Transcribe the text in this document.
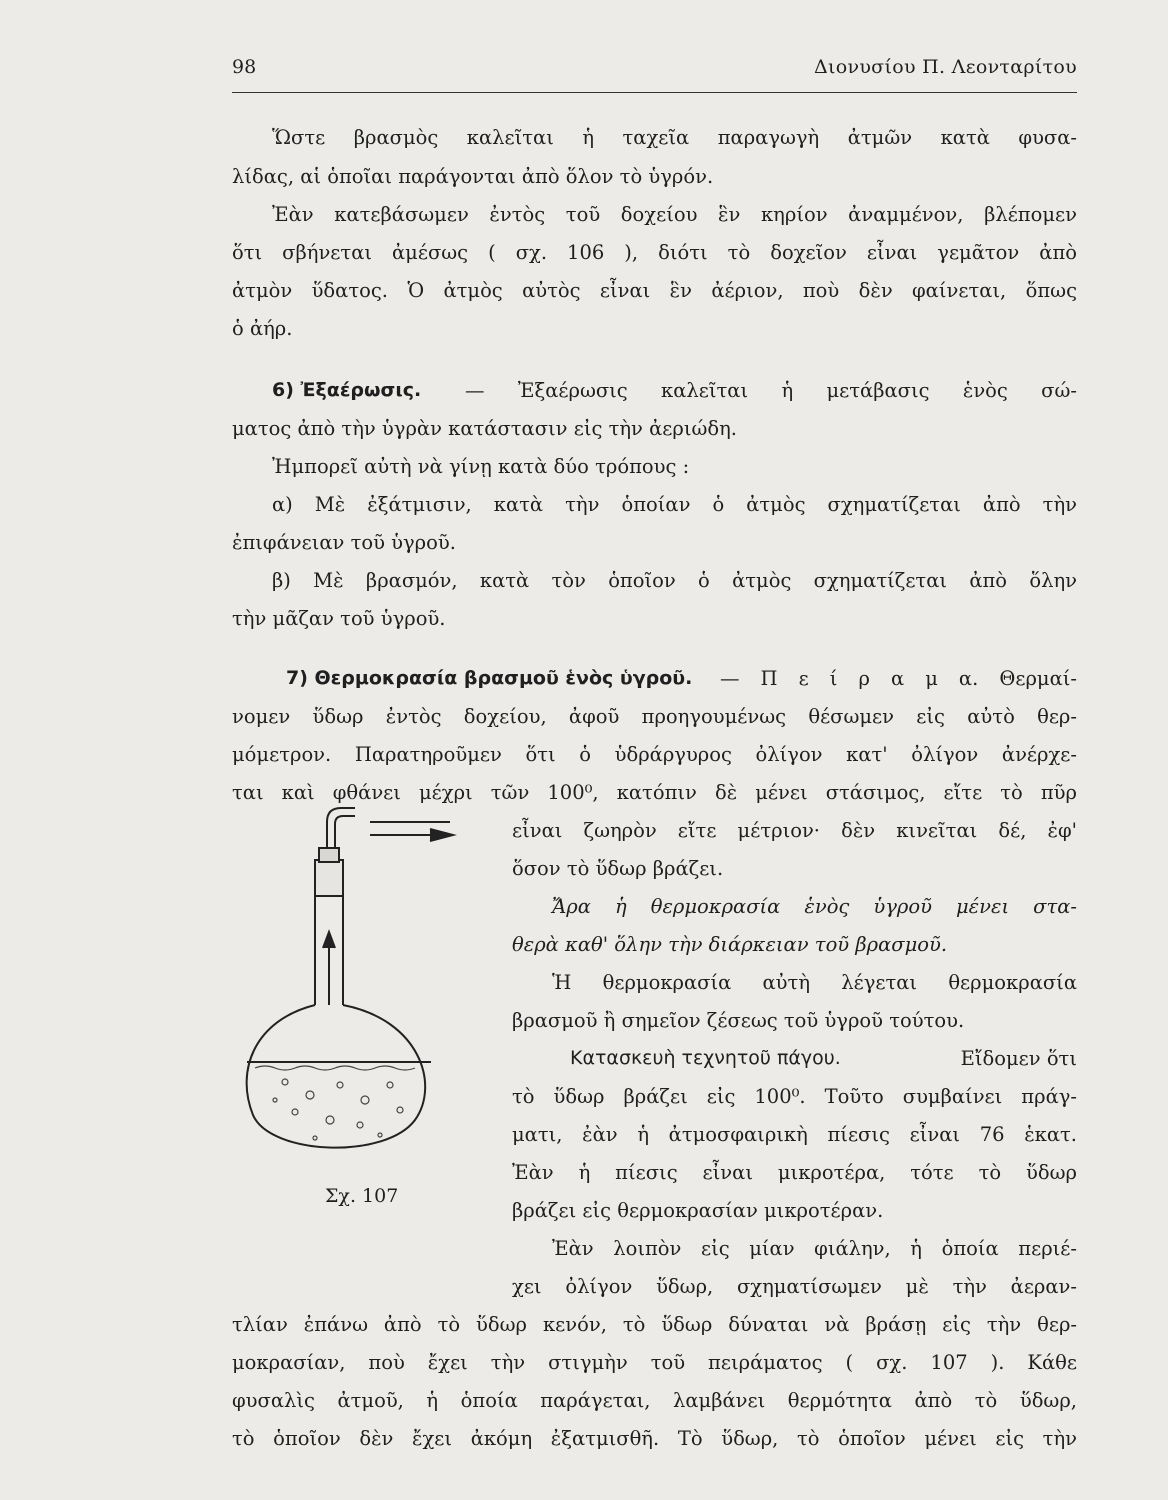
98	Διονυσίου Π. Λεονταρίτου
Ὥστε βρασμὸς καλεῖται ἡ ταχεῖα παραγωγὴ ἀτμῶν κατὰ φυσα-
λίδας, αἱ ὁποῖαι παράγονται ἀπὸ ὅλον τὸ ὑγρόν.
Ἐὰν κατεβάσωμεν ἐντὸς τοῦ δοχείου ἓν κηρίον ἀναμμένον, βλέπομεν
ὅτι σβήνεται ἀμέσως ( σχ. 106 ), διότι τὸ δοχεῖον εἶναι γεμᾶτον ἀπὸ
ἀτμὸν ὕδατος. Ὁ ἀτμὸς αὐτὸς εἶναι ἓν ἀέριον, ποὺ δὲν φαίνεται, ὅπως
ὁ ἀήρ.
6) Ἐξαέρωσις. — Ἐξαέρωσις καλεῖται ἡ μετάβασις ἑνὸς σώ-
ματος ἀπὸ τὴν ὑγρὰν κατάστασιν εἰς τὴν ἀεριώδη.
Ἠμπορεῖ αὐτὴ νὰ γίνῃ κατὰ δύο τρόπους :
α) Μὲ ἐξάτμισιν, κατὰ τὴν ὁποίαν ὁ ἀτμὸς σχηματίζεται ἀπὸ τὴν
ἐπιφάνειαν τοῦ ὑγροῦ.
β) Μὲ βρασμόν, κατὰ τὸν ὁποῖον ὁ ἀτμὸς σχηματίζεται ἀπὸ ὅλην
τὴν μᾶζαν τοῦ ὑγροῦ.
7) Θερμοκρασία βρασμοῦ ἑνὸς ὑγροῦ. — Π ε ί ρ α μ α. Θερμαί-
νομεν ὕδωρ ἐντὸς δοχείου, ἀφοῦ προηγουμένως θέσωμεν εἰς αὐτὸ θερ-
μόμετρον. Παρατηροῦμεν ὅτι ὁ ὑδράργυρος ὀλίγον κατ' ὀλίγον ἀνέρχε-
ται καὶ φθάνει μέχρι τῶν 100⁰, κατόπιν δὲ μένει στάσιμος, εἴτε τὸ πῦρ
εἶναι ζωηρὸν εἴτε μέτριον· δὲν κινεῖται δέ, ἐφ'
ὅσον τὸ ὕδωρ βράζει.
Ἄρα ἡ θερμοκρασία ἑνὸς ὑγροῦ μένει στα-
θερὰ καθ' ὅλην τὴν διάρκειαν τοῦ βρασμοῦ.
Ἡ θερμοκρασία αὐτὴ λέγεται θερμοκρασία
βρασμοῦ ἢ σημεῖον ζέσεως τοῦ ὑγροῦ τούτου.
Κατασκευὴ τεχνητοῦ πάγου.	Εἴδομεν ὅτι
τὸ ὕδωρ βράζει εἰς 100⁰. Τοῦτο συμβαίνει πράγ-
ματι, ἐὰν ἡ ἀτμοσφαιρικὴ πίεσις εἶναι 76 ἑκατ.
Ἐὰν ἡ πίεσις εἶναι μικροτέρα, τότε τὸ ὕδωρ
βράζει εἰς θερμοκρασίαν μικροτέραν.
Ἐὰν λοιπὸν εἰς μίαν φιάλην, ἡ ὁποία περιέ-
χει ὀλίγον ὕδωρ, σχηματίσωμεν μὲ τὴν ἀεραν-
τλίαν ἐπάνω ἀπὸ τὸ ὕδωρ κενόν, τὸ ὕδωρ δύναται νὰ βράσῃ εἰς τὴν θερ-
μοκρασίαν, ποὺ ἔχει τὴν στιγμὴν τοῦ πειράματος ( σχ. 107 ). Κάθε
φυσαλὶς ἀτμοῦ, ἡ ὁποία παράγεται, λαμβάνει θερμότητα ἀπὸ τὸ ὕδωρ,
τὸ ὁποῖον δὲν ἔχει ἀκόμη ἐξατμισθῆ. Τὸ ὕδωρ, τὸ ὁποῖον μένει εἰς τὴν
Σχ. 107
